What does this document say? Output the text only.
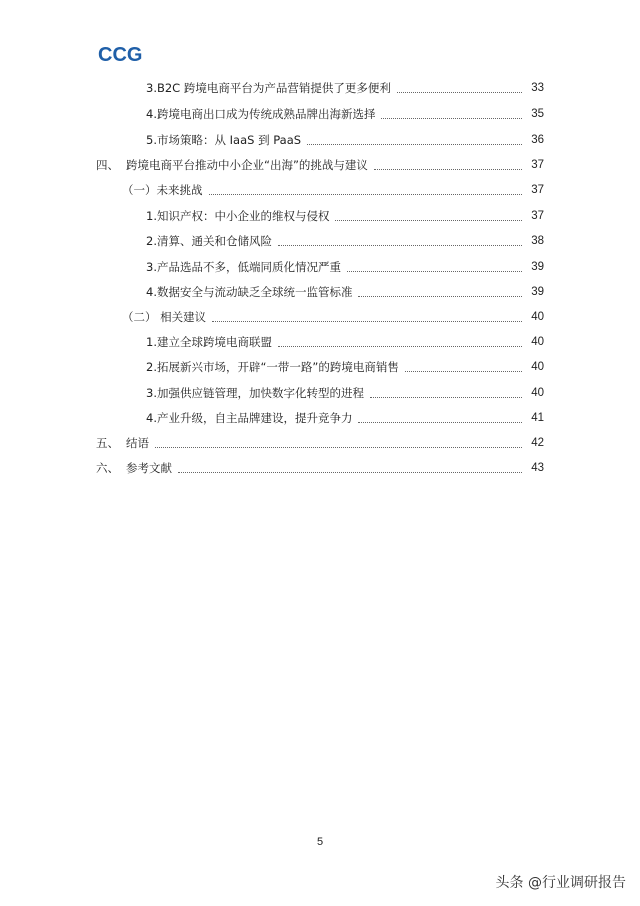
CCG
3.B2C 跨境电商平台为产品营销提供了更多便利	33
4.跨境电商出口成为传统成熟品牌出海新选择	35
5.市场策略：从 IaaS 到 PaaS	36
四、 跨境电商平台推动中小企业“出海”的挑战与建议	37
（一）未来挑战	37
1.知识产权：中小企业的维权与侵权	37
2.清算、通关和仓储风险	38
3.产品选品不多，低端同质化情况严重	39
4.数据安全与流动缺乏全球统一监管标准	39
（二） 相关建议	40
1.建立全球跨境电商联盟	40
2.拓展新兴市场，开辟“一带一路”的跨境电商销售	40
3.加强供应链管理，加快数字化转型的进程	40
4.产业升级，自主品牌建设，提升竞争力	41
五、 结语	42
六、 参考文献	43
5
头条 @行业调研报告
